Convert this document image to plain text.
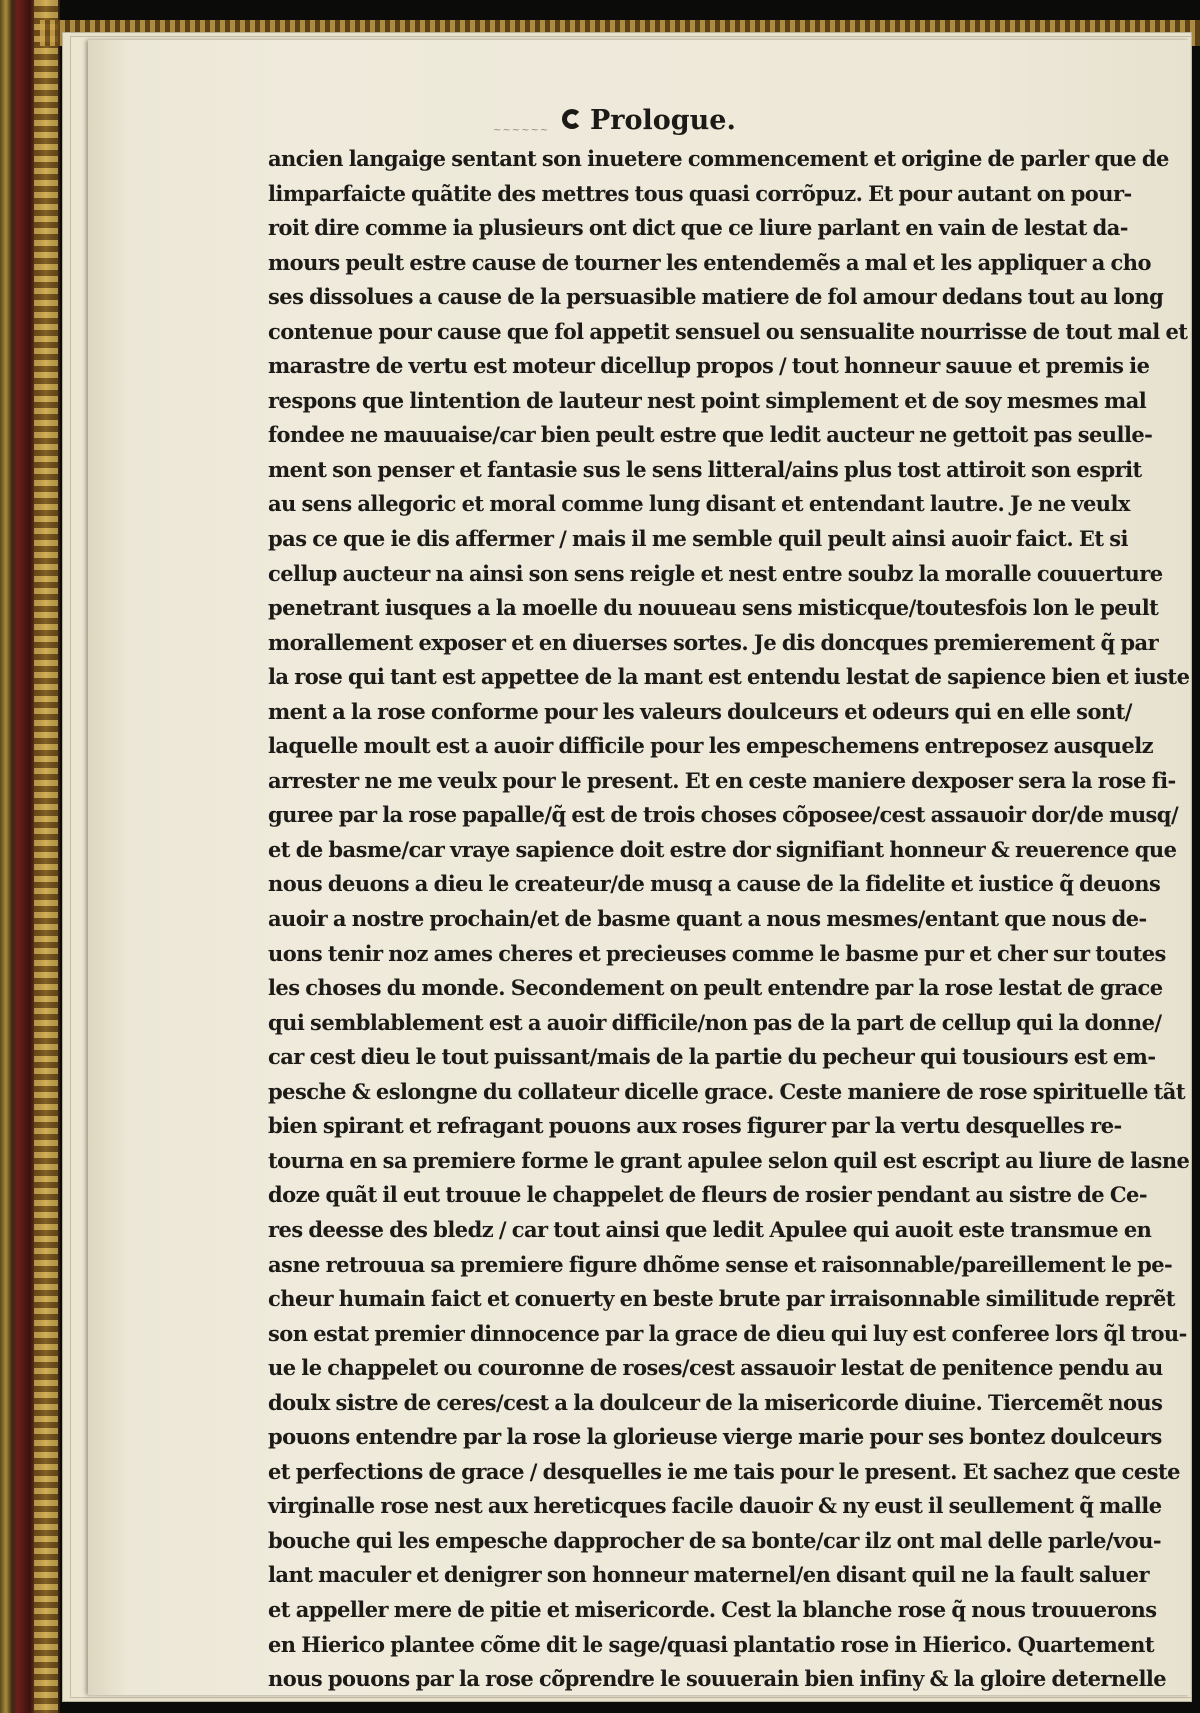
~~~~~~	Prologue.
ancien langaige sentant son inuetere commencement et origine de parler que de
limparfaicte quãtite des mettres tous quasi corrõpuz. Et pour autant on pour-
roit dire comme ia plusieurs ont dict que ce liure parlant en vain de lestat da-
mours peult estre cause de tourner les entendemẽs a mal et les appliquer a cho
ses dissolues a cause de la persuasible matiere de fol amour dedans tout au long
contenue pour cause que fol appetit sensuel ou sensualite nourrisse de tout mal et
marastre de vertu est moteur dicellup propos / tout honneur sauue et premis ie
respons que lintention de lauteur nest point simplement et de soy mesmes mal
fondee ne mauuaise/car bien peult estre que ledit aucteur ne gettoit pas seulle-
ment son penser et fantasie sus le sens litteral/ains plus tost attiroit son esprit
au sens allegoric et moral comme lung disant et entendant lautre. Je ne veulx
pas ce que ie dis affermer / mais il me semble quil peult ainsi auoir faict. Et si
cellup aucteur na ainsi son sens reigle et nest entre soubz la moralle couuerture
penetrant iusques a la moelle du nouueau sens misticque/toutesfois lon le peult
morallement exposer et en diuerses sortes. Je dis doncques premierement q̃ par
la rose qui tant est appettee de la mant est entendu lestat de sapience bien et iuste
ment a la rose conforme pour les valeurs doulceurs et odeurs qui en elle sont/
laquelle moult est a auoir difficile pour les empeschemens entreposez ausquelz
arrester ne me veulx pour le present. Et en ceste maniere dexposer sera la rose fi-
guree par la rose papalle/q̃ est de trois choses cõposee/cest assauoir dor/de musq/
et de basme/car vraye sapience doit estre dor signifiant honneur & reuerence que
nous deuons a dieu le createur/de musq a cause de la fidelite et iustice q̃ deuons
auoir a nostre prochain/et de basme quant a nous mesmes/entant que nous de-
uons tenir noz ames cheres et precieuses comme le basme pur et cher sur toutes
les choses du monde. Secondement on peult entendre par la rose lestat de grace
qui semblablement est a auoir difficile/non pas de la part de cellup qui la donne/
car cest dieu le tout puissant/mais de la partie du pecheur qui tousiours est em-
pesche & eslongne du collateur dicelle grace. Ceste maniere de rose spirituelle tãt
bien spirant et refragant pouons aux roses figurer par la vertu desquelles re-
tourna en sa premiere forme le grant apulee selon quil est escript au liure de lasne
doze quãt il eut trouue le chappelet de fleurs de rosier pendant au sistre de Ce-
res deesse des bledz / car tout ainsi que ledit Apulee qui auoit este transmue en
asne retrouua sa premiere figure dhõme sense et raisonnable/pareillement le pe-
cheur humain faict et conuerty en beste brute par irraisonnable similitude reprẽt
son estat premier dinnocence par la grace de dieu qui luy est conferee lors q̃l trou-
ue le chappelet ou couronne de roses/cest assauoir lestat de penitence pendu au
doulx sistre de ceres/cest a la doulceur de la misericorde diuine. Tiercemẽt nous
pouons entendre par la rose la glorieuse vierge marie pour ses bontez doulceurs
et perfections de grace / desquelles ie me tais pour le present. Et sachez que ceste
virginalle rose nest aux hereticques facile dauoir & ny eust il seullement q̃ malle
bouche qui les empesche dapprocher de sa bonte/car ilz ont mal delle parle/vou-
lant maculer et denigrer son honneur maternel/en disant quil ne la fault saluer
et appeller mere de pitie et misericorde. Cest la blanche rose q̃ nous trouuerons
en Hierico plantee cõme dit le sage/quasi plantatio rose in Hierico. Quartement
nous pouons par la rose cõprendre le souuerain bien infiny & la gloire deternelle
